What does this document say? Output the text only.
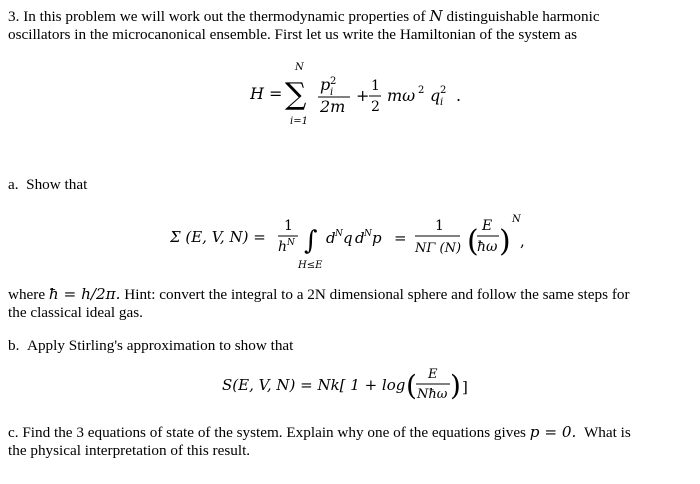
3. In this problem we will work out the thermodynamic properties of N distinguishable harmonic
oscillators in the microcanonical ensemble. First let us write the Hamiltonian of the system as
H =
N
∑
i=1
p 2
i
2m
+ 1
2
mω 2 q 2
i .
a. Show that
Σ (E, V, N) =
1
h N ∫
H≤E
d N q d N p =
1
NΓ (N) ( E
ħω )
N
,
where ħ = h/2π. Hint: convert the integral to a 2N dimensional sphere and follow the same steps for
the classical ideal gas.
b. Apply Stirling's approximation to show that
S(E, V, N) = Nk[ 1 + log ( E
Nħω ) ]
c. Find the 3 equations of state of the system. Explain why one of the equations gives p = 0. What is
the physical interpretation of this result.
